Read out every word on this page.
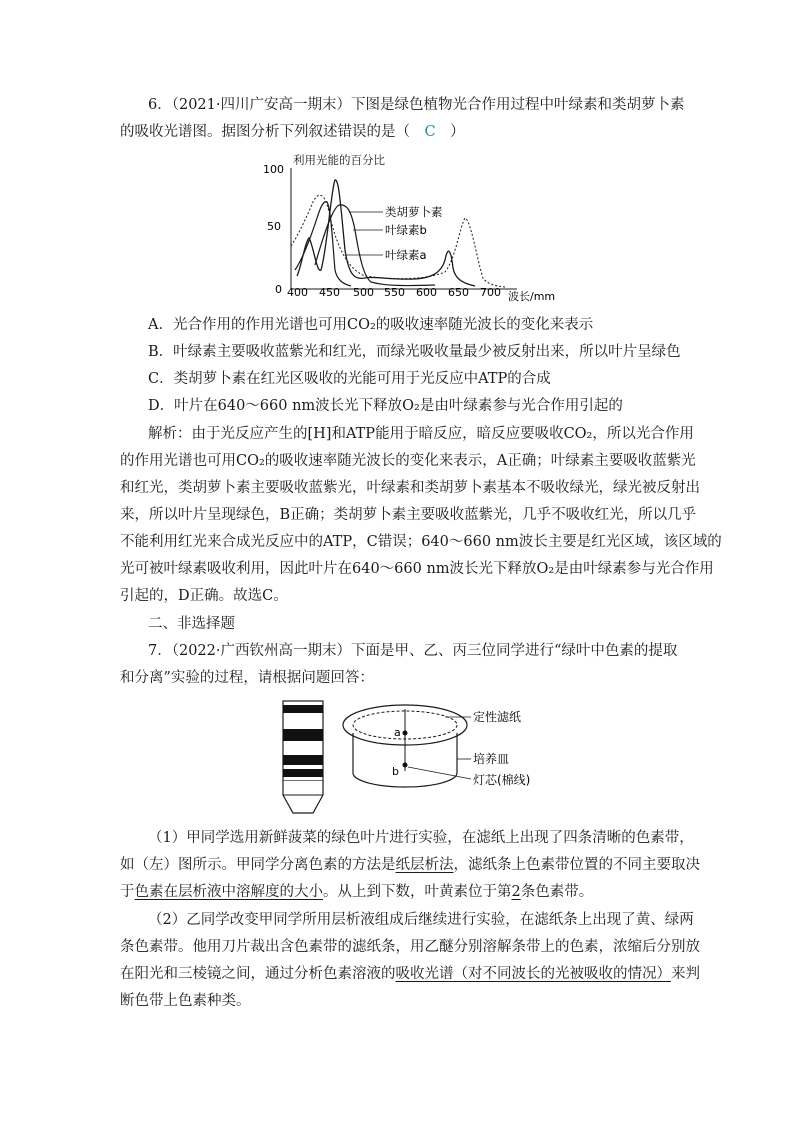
6．（2021·四川广安高一期末）下图是绿色植物光合作用过程中叶绿素和类胡萝卜素
的吸收光谱图。据图分析下列叙述错误的是（　C　）
利用光能的百分比
100
50
0 400 450 500 550 600 650 700 波长/mm
类胡萝卜素
叶绿素b
叶绿素a
A．光合作用的作用光谱也可用CO₂的吸收速率随光波长的变化来表示
B．叶绿素主要吸收蓝紫光和红光，而绿光吸收量最少被反射出来，所以叶片呈绿色
C．类胡萝卜素在红光区吸收的光能可用于光反应中ATP的合成
D．叶片在640～660 nm波长光下释放O₂是由叶绿素参与光合作用引起的
解析：由于光反应产生的[H]和ATP能用于暗反应，暗反应要吸收CO₂，所以光合作用
的作用光谱也可用CO₂的吸收速率随光波长的变化来表示，A正确；叶绿素主要吸收蓝紫光
和红光，类胡萝卜素主要吸收蓝紫光，叶绿素和类胡萝卜素基本不吸收绿光，绿光被反射出
来，所以叶片呈现绿色，B正确；类胡萝卜素主要吸收蓝紫光，几乎不吸收红光，所以几乎
不能利用红光来合成光反应中的ATP，C错误；640～660 nm波长主要是红光区域，该区域的
光可被叶绿素吸收利用，因此叶片在640～660 nm波长光下释放O₂是由叶绿素参与光合作用
引起的，D正确。故选C。
二、非选择题
7．（2022·广西钦州高一期末）下面是甲、乙、丙三位同学进行“绿叶中色素的提取
和分离”实验的过程，请根据问题回答：
a
b
定性滤纸
培养皿
灯芯(棉线)
（1）甲同学选用新鲜菠菜的绿色叶片进行实验，在滤纸上出现了四条清晰的色素带，
如（左）图所示。甲同学分离色素的方法是纸层析法，滤纸条上色素带位置的不同主要取决
于色素在层析液中溶解度的大小。从上到下数，叶黄素位于第2条色素带。
（2）乙同学改变甲同学所用层析液组成后继续进行实验，在滤纸条上出现了黄、绿两
条色素带。他用刀片裁出含色素带的滤纸条，用乙醚分别溶解条带上的色素，浓缩后分别放
在阳光和三棱镜之间，通过分析色素溶液的吸收光谱（对不同波长的光被吸收的情况）来判
断色带上色素种类。
